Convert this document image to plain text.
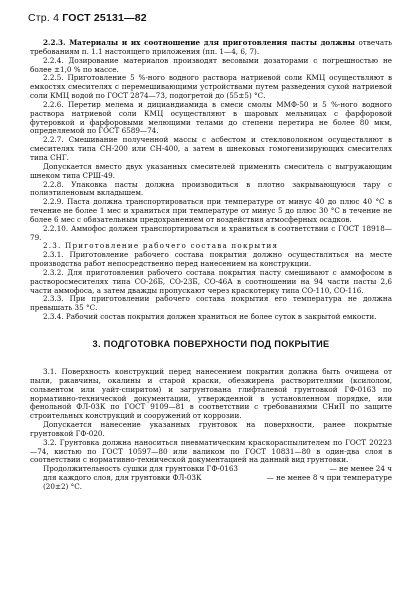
Стр. 4 ГОСТ 25131—82

2.2.3. Материалы и их соотношение для приготовления пасты должны отвечать требованиям п. 1.1 настоящего приложения (пп. 1—4, 6, 7).

2.2.4. Дозирование материалов производят весовыми дозаторами с погрешностью не более ±1,0 % по массе.

2.2.5. Приготовление 5 %-ного водного раствора натриевой соли КМЦ осуществляют в емкостях смесителях с перемешивающими устройствами путем разведения сухой натриевой соли КМЦ водой по ГОСТ 2874—73, подогретой до (55±5) °С.

2.2.6. Перетир мелема и дициандиамида в смеси смолы ММФ-50 и 5 %-ного водного раствора натриевой соли КМЦ осуществляют в шаровых мельницах с фарфоровой футеровкой и фарфоровыми мелющими телами до степени перетира не более 80 мкм, определяемой по ГОСТ 6589—74.

2.2.7. Смешивание полученной массы с асбестом и стекловолокном осуществляют в смесителях типа СН-200 или СН-400, а затем в шнековых гомогенизирующих смесителях типа СНГ.

Допускается вместо двух указанных смесителей применять смеситель с выгружающим шнеком типа СРШ-49.

2.2.8. Упаковка пасты должна производиться в плотно закрывающуюся тару с полиэтиленовым вкладышем.

2.2.9. Паста должна транспортироваться при температуре от минус 40 до плюс 40 °С в течение не более 1 мес и храниться при температуре от минус 5 до плюс 30 °С в течение не более 6 мес с обязательным предохранением от воздействия атмосферных осадков.

2.2.10. Аммофос должен транспортироваться и храниться в соответствии с ГОСТ 18918—79.

2.3. Приготовление рабочего состава покрытия

2.3.1. Приготовление рабочего состава покрытия должно осуществляться на месте производства работ непосредственно перед нанесением на конструкции.

2.3.2. Для приготовления рабочего состава покрытия пасту смешивают с аммофосом в растворосмесителях типа СО-26Б, СО-23Б, СО-46А в соотношении на 94 части пасты 2,6 части аммофоса, а затем дважды пропускают через краскотерку типа СО-110, СО-116.

2.3.3. При приготовлении рабочего состава покрытия его температура не должна превышать 35 °С.

2.3.4. Рабочий состав покрытия должен храниться не более суток в закрытой емкости.

3. ПОДГОТОВКА ПОВЕРХНОСТИ ПОД ПОКРЫТИЕ

3.1. Поверхность конструкций перед нанесением покрытия должна быть очищена от пыли, ржавчины, окалины и старой краски, обезжирена растворителями (ксилолом, сольвентом или уайт-спиритом) и загрунтована глифталевой грунтовкой ГФ-0163 по нормативно-технической документации, утвержденной в установленном порядке, или фенольной ФЛ-03К по ГОСТ 9109—81 в соответствии с требованиями СНиП по защите строительных конструкций и сооружений от коррозии.

Допускается нанесение указанных грунтовок на поверхности, ранее покрытые грунтовкой ГФ-020.

3.2. Грунтовка должна наноситься пневматическим краскораспылителем по ГОСТ 20223—74, кистью по ГОСТ 10597—80 или валиком по ГОСТ 10831—80 в один-два слоя в соответствии с нормативно-технической документацией на данный вид грунтовки.

Продолжительность сушки для грунтовки ГФ-0163	— не менее 24 ч
для каждого слоя, для грунтовки ФЛ-03К	— не менее 8 ч при температуре

(20±2) °С.
